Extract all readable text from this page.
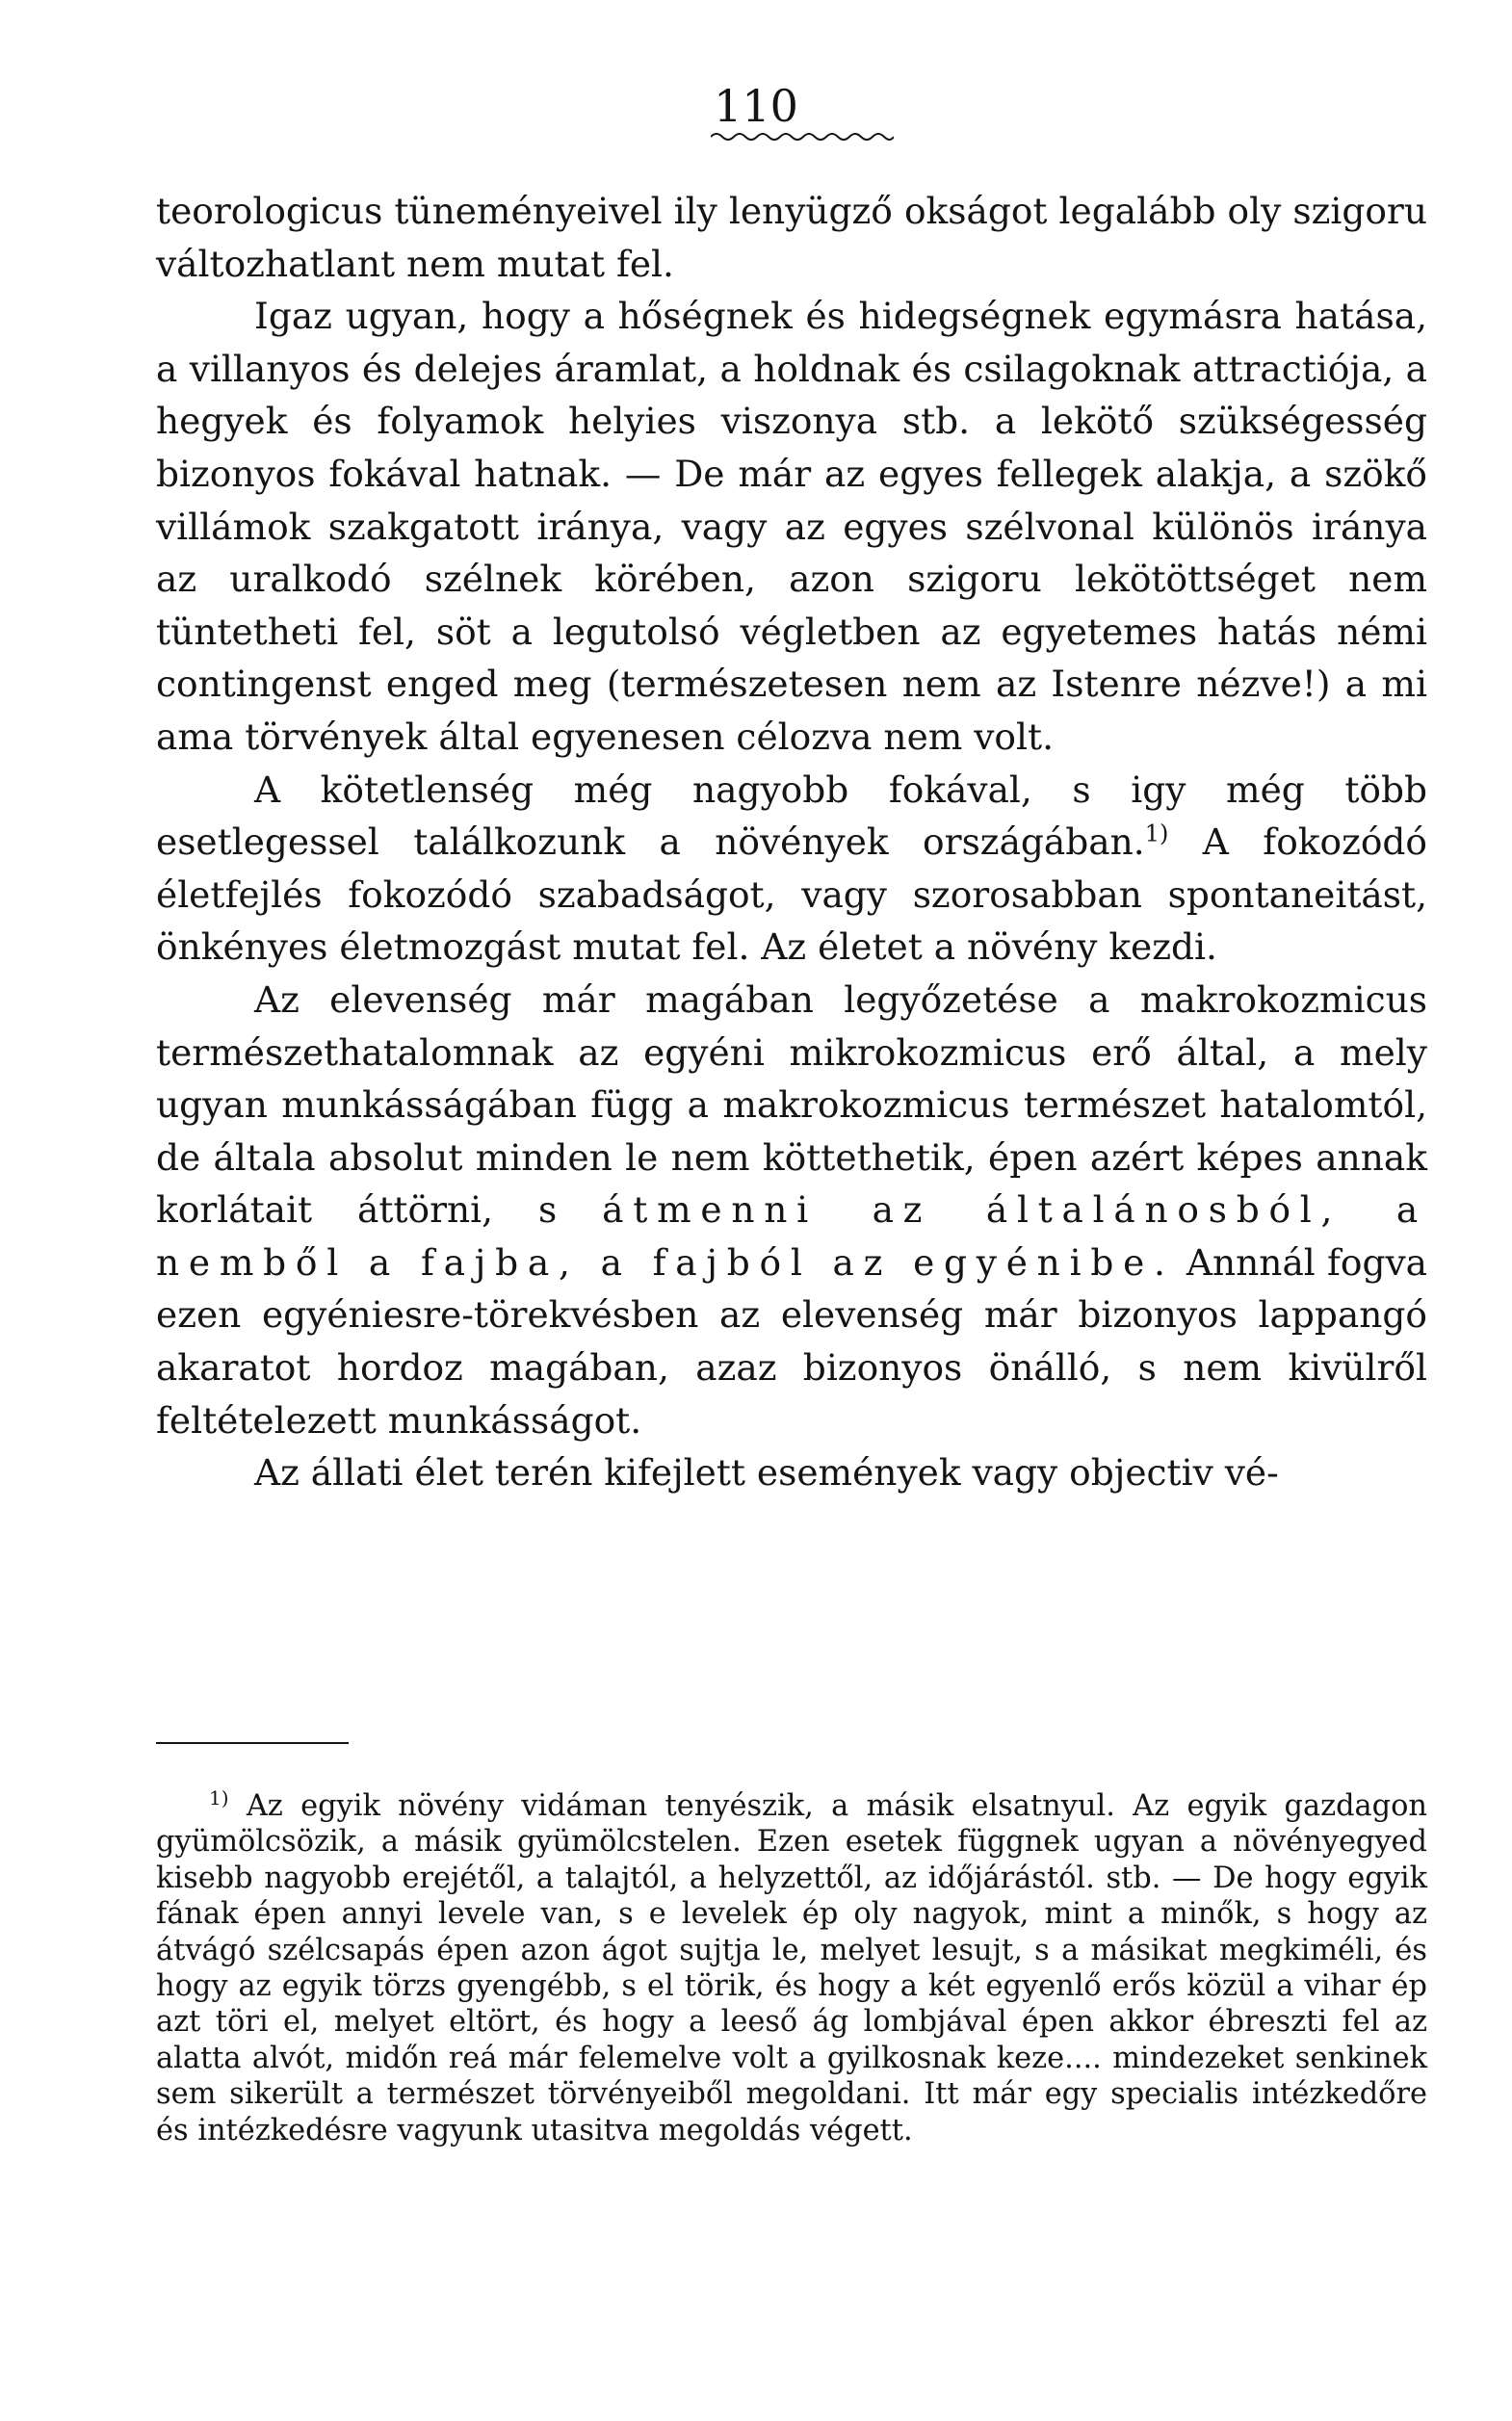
110

teorologicus tüneményeivel ily lenyügző okságot legalább oly szigoru változhatlant nem mutat fel.

Igaz ugyan, hogy a hőségnek és hidegségnek egymásra hatása, a villanyos és delejes áramlat, a holdnak és csilagoknak attractiója, a hegyek és folyamok helyies viszonya stb. a lekötő szükségesség bizonyos fokával hatnak. — De már az egyes fellegek alakja, a szökő villámok szakgatott iránya, vagy az egyes szélvonal különös iránya az uralkodó szélnek körében, azon szigoru lekötöttséget nem tüntetheti fel, söt a legutolsó végletben az egyetemes hatás némi contingenst enged meg (természetesen nem az Istenre nézve!) a mi ama törvények által egyenesen célozva nem volt.

A kötetlenség még nagyobb fokával, s igy még több esetlegessel találkozunk a növények országában.$^{1)}$ A fokozódó életfejlés fokozódó szabadságot, vagy szorosabban spontaneitást, önkényes életmozgást mutat fel. Az életet a növény kezdi.

Az elevenség már magában legyőzetése a makrokozmicus természethatalomnak az egyéni mikrokozmicus erő által, a mely ugyan munkásságában függ a makrokozmicus természet hatalomtól, de általa absolut minden le nem köttethetik, épen azért képes annak korlátait áttörni, s átmenni az általánosból, a nemből a fajba, a fajból az egyénibe. Annnál fogva ezen egyéniesre-törekvésben az elevenség már bizonyos lappangó akaratot hordoz magában, azaz bizonyos önálló, s nem kivülről feltételezett munkásságot.

Az állati élet terén kifejlett események vagy objectiv vé-

$^{1)}$ Az egyik növény vidáman tenyészik, a másik elsatnyul. Az egyik gazdagon gyümölcsözik, a másik gyümölcstelen. Ezen esetek függnek ugyan a növényegyed kisebb nagyobb erejétől, a talajtól, a helyzettől, az időjárástól. stb. — De hogy egyik fának épen annyi levele van, s e levelek ép oly nagyok, mint a minők, s hogy az átvágó szélcsapás épen azon ágot sujtja le, melyet lesujt, s a másikat megkiméli, és hogy az egyik törzs gyengébb, s el törik, és hogy a két egyenlő erős közül a vihar ép azt töri el, melyet eltört, és hogy a leeső ág lombjával épen akkor ébreszti fel az alatta alvót, midőn reá már felemelve volt a gyilkosnak keze.... mindezeket senkinek sem sikerült a természet törvényeiből megoldani. Itt már egy specialis intézkedőre és intézkedésre vagyunk utasitva megoldás végett.
